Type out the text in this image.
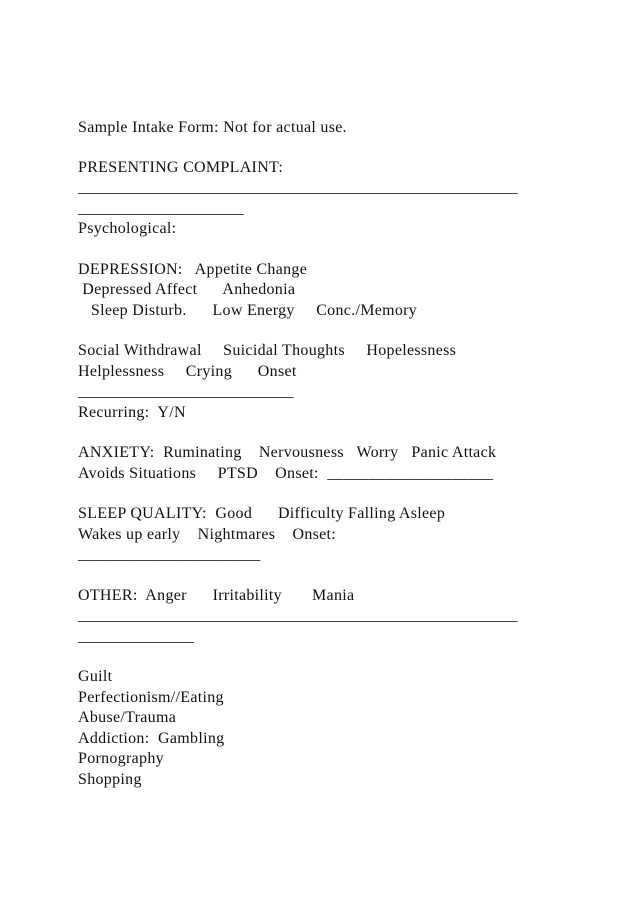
Sample Intake Form: Not for actual use.

PRESENTING COMPLAINT:

_____________________________________________________

____________________

Psychological:

DEPRESSION:   Appetite Change

Depressed Affect      Anhedonia

Sleep Disturb.      Low Energy     Conc./Memory

Social Withdrawal     Suicidal Thoughts     Hopelessness

Helplessness     Crying      Onset

__________________________

Recurring:  Y/N

ANXIETY:  Ruminating    Nervousness   Worry   Panic Attack

Avoids Situations     PTSD    Onset:  ____________________

SLEEP QUALITY:  Good      Difficulty Falling Asleep

Wakes up early    Nightmares    Onset:

______________________

OTHER:  Anger      Irritability       Mania

_____________________________________________________

______________

Guilt

Perfectionism//Eating

Abuse/Trauma

Addiction:  Gambling

Pornography

Shopping
